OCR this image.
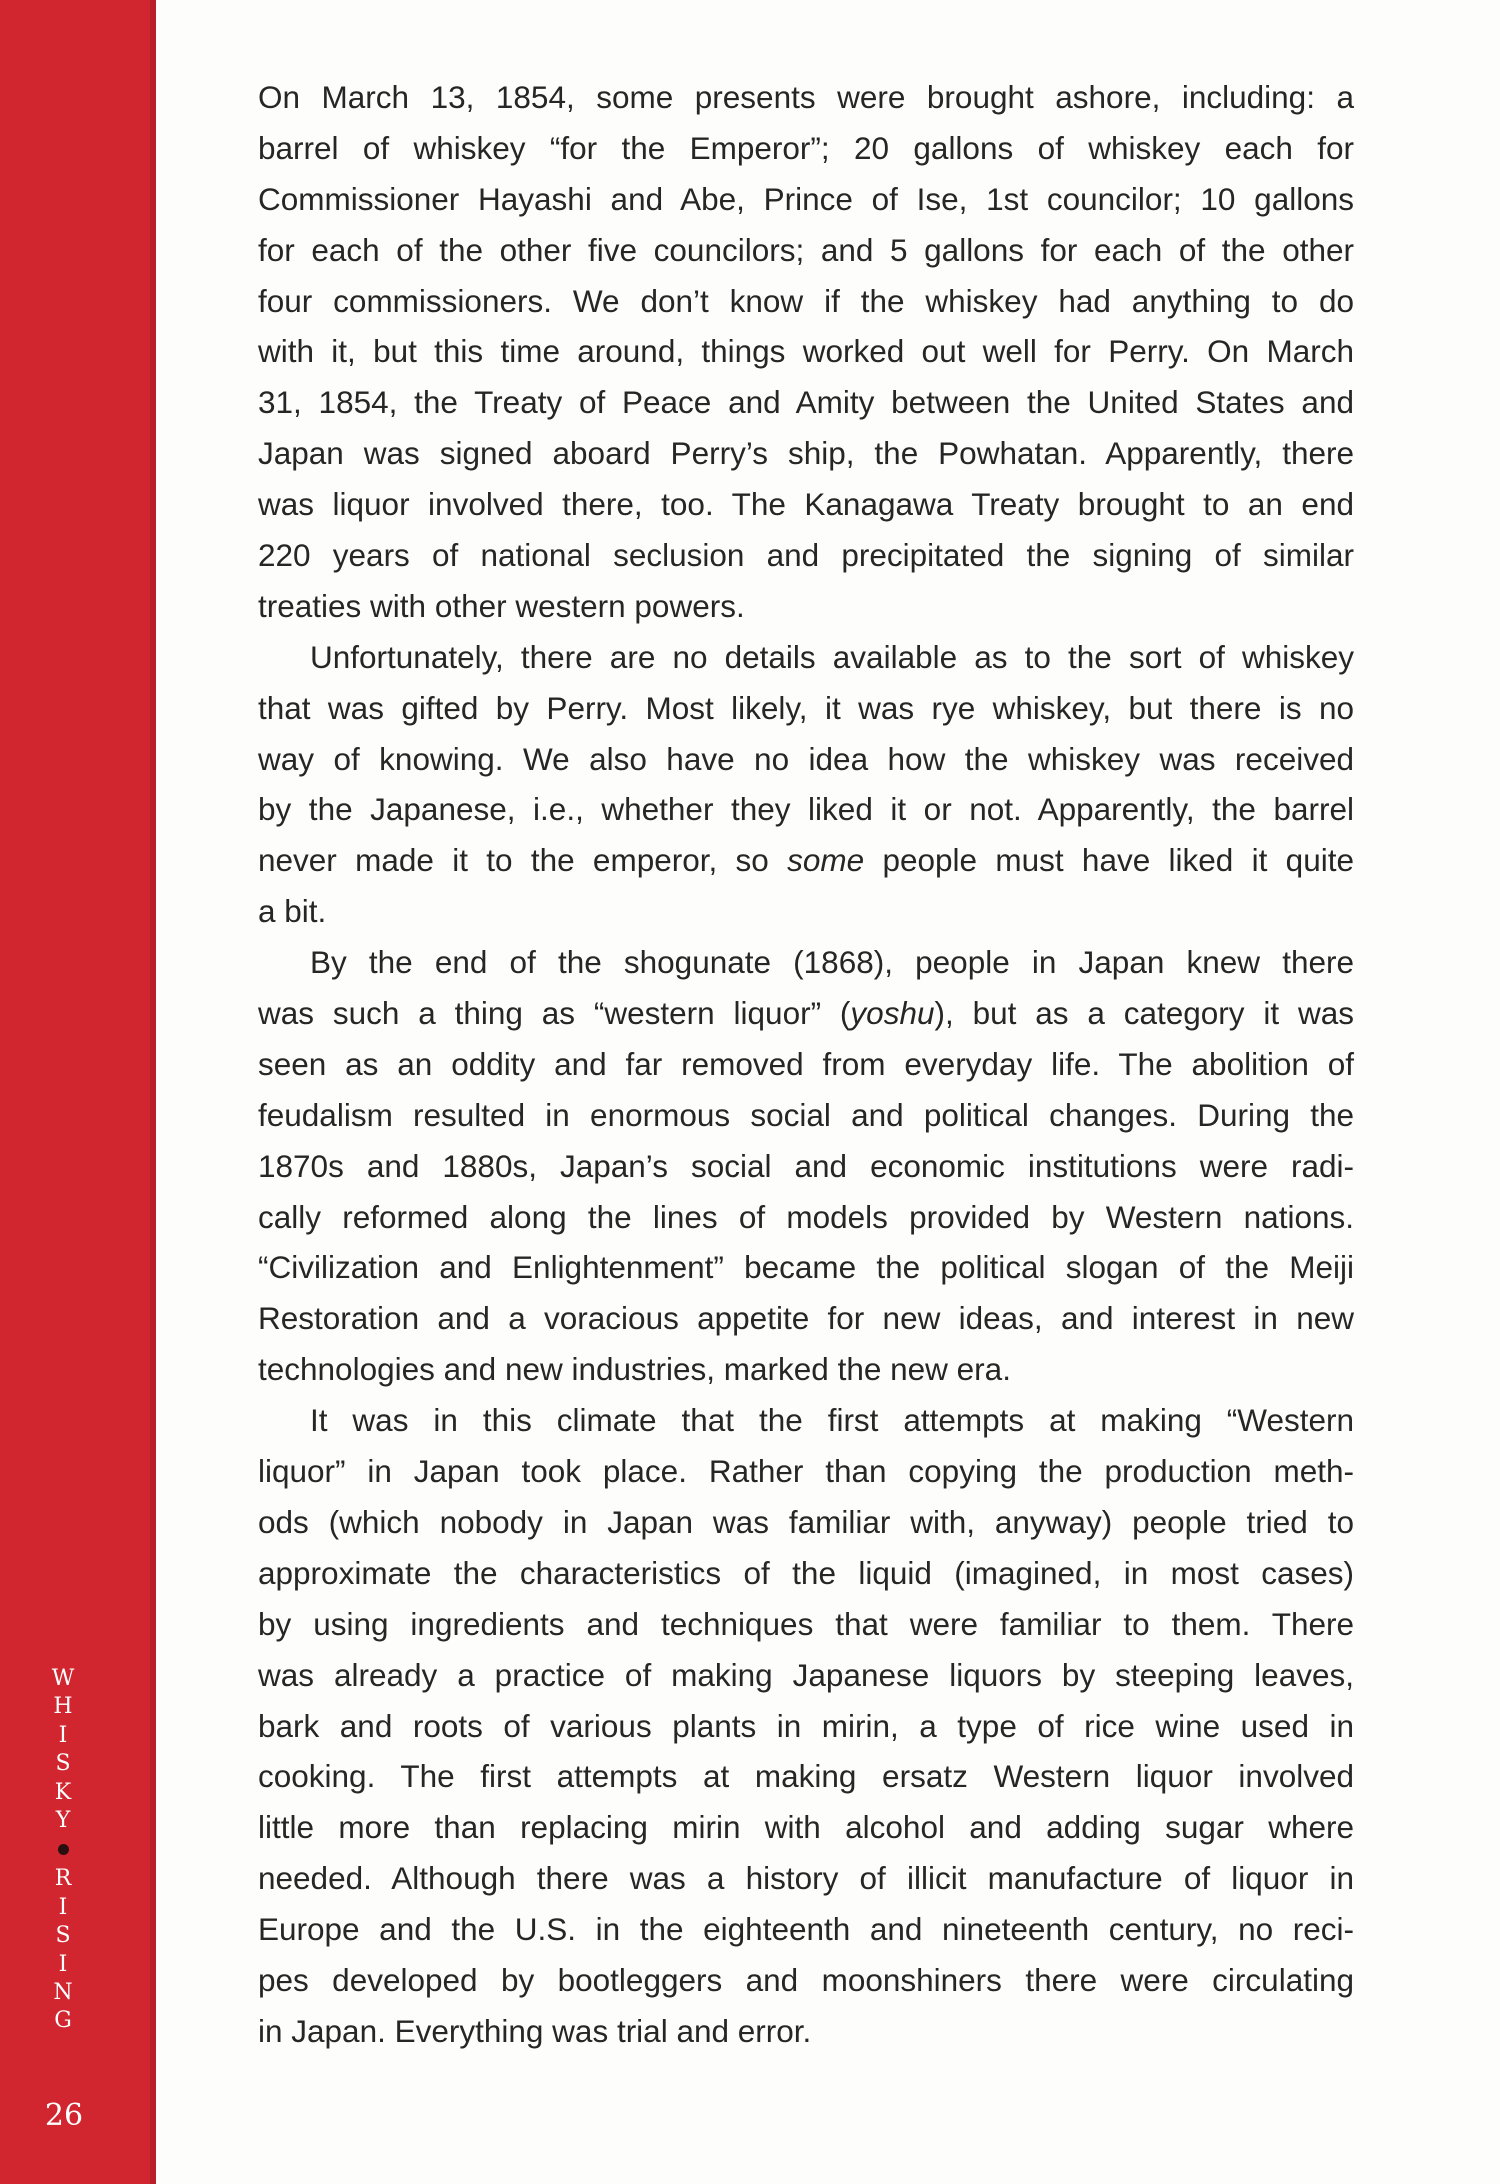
W
H
I
S
K
Y
R
I
S
I
N
G
26
On March 13, 1854, some presents were brought ashore, including: a
barrel of whiskey “for the Emperor”; 20 gallons of whiskey each for
Commissioner Hayashi and Abe, Prince of Ise, 1st councilor; 10 gallons
for each of the other five councilors; and 5 gallons for each of the other
four commissioners. We don’t know if the whiskey had anything to do
with it, but this time around, things worked out well for Perry. On March
31, 1854, the Treaty of Peace and Amity between the United States and
Japan was signed aboard Perry’s ship, the Powhatan. Apparently, there
was liquor involved there, too. The Kanagawa Treaty brought to an end
220 years of national seclusion and precipitated the signing of similar
treaties with other western powers.
Unfortunately, there are no details available as to the sort of whiskey
that was gifted by Perry. Most likely, it was rye whiskey, but there is no
way of knowing. We also have no idea how the whiskey was received
by the Japanese, i.e., whether they liked it or not. Apparently, the barrel
never made it to the emperor, so some people must have liked it quite
a bit.
By the end of the shogunate (1868), people in Japan knew there
was such a thing as “western liquor” (yoshu), but as a category it was
seen as an oddity and far removed from everyday life. The abolition of
feudalism resulted in enormous social and political changes. During the
1870s and 1880s, Japan’s social and economic institutions were radi-
cally reformed along the lines of models provided by Western nations.
“Civilization and Enlightenment” became the political slogan of the Meiji
Restoration and a voracious appetite for new ideas, and interest in new
technologies and new industries, marked the new era.
It was in this climate that the first attempts at making “Western
liquor” in Japan took place. Rather than copying the production meth-
ods (which nobody in Japan was familiar with, anyway) people tried to
approximate the characteristics of the liquid (imagined, in most cases)
by using ingredients and techniques that were familiar to them. There
was already a practice of making Japanese liquors by steeping leaves,
bark and roots of various plants in mirin, a type of rice wine used in
cooking. The first attempts at making ersatz Western liquor involved
little more than replacing mirin with alcohol and adding sugar where
needed. Although there was a history of illicit manufacture of liquor in
Europe and the U.S. in the eighteenth and nineteenth century, no reci-
pes developed by bootleggers and moonshiners there were circulating
in Japan. Everything was trial and error.
